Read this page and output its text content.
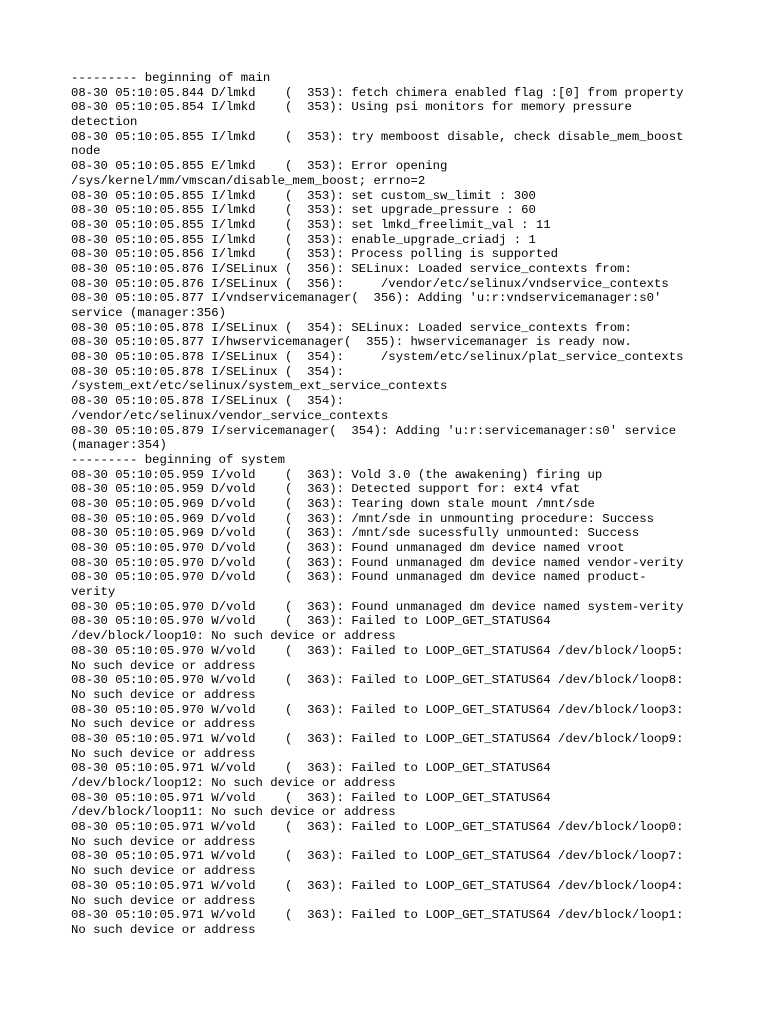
--------- beginning of main
08-30 05:10:05.844 D/lmkd    (  353): fetch chimera enabled flag :[0] from property
08-30 05:10:05.854 I/lmkd    (  353): Using psi monitors for memory pressure
detection
08-30 05:10:05.855 I/lmkd    (  353): try memboost disable, check disable_mem_boost
node
08-30 05:10:05.855 E/lmkd    (  353): Error opening
/sys/kernel/mm/vmscan/disable_mem_boost; errno=2
08-30 05:10:05.855 I/lmkd    (  353): set custom_sw_limit : 300
08-30 05:10:05.855 I/lmkd    (  353): set upgrade_pressure : 60
08-30 05:10:05.855 I/lmkd    (  353): set lmkd_freelimit_val : 11
08-30 05:10:05.855 I/lmkd    (  353): enable_upgrade_criadj : 1
08-30 05:10:05.856 I/lmkd    (  353): Process polling is supported
08-30 05:10:05.876 I/SELinux (  356): SELinux: Loaded service_contexts from:
08-30 05:10:05.876 I/SELinux (  356):     /vendor/etc/selinux/vndservice_contexts
08-30 05:10:05.877 I/vndservicemanager(  356): Adding 'u:r:vndservicemanager:s0'
service (manager:356)
08-30 05:10:05.878 I/SELinux (  354): SELinux: Loaded service_contexts from:
08-30 05:10:05.877 I/hwservicemanager(  355): hwservicemanager is ready now.
08-30 05:10:05.878 I/SELinux (  354):     /system/etc/selinux/plat_service_contexts
08-30 05:10:05.878 I/SELinux (  354):
/system_ext/etc/selinux/system_ext_service_contexts
08-30 05:10:05.878 I/SELinux (  354):
/vendor/etc/selinux/vendor_service_contexts
08-30 05:10:05.879 I/servicemanager(  354): Adding 'u:r:servicemanager:s0' service
(manager:354)
--------- beginning of system
08-30 05:10:05.959 I/vold    (  363): Vold 3.0 (the awakening) firing up
08-30 05:10:05.959 D/vold    (  363): Detected support for: ext4 vfat
08-30 05:10:05.969 D/vold    (  363): Tearing down stale mount /mnt/sde
08-30 05:10:05.969 D/vold    (  363): /mnt/sde in unmounting procedure: Success
08-30 05:10:05.969 D/vold    (  363): /mnt/sde sucessfully unmounted: Success
08-30 05:10:05.970 D/vold    (  363): Found unmanaged dm device named vroot
08-30 05:10:05.970 D/vold    (  363): Found unmanaged dm device named vendor-verity
08-30 05:10:05.970 D/vold    (  363): Found unmanaged dm device named product-
verity
08-30 05:10:05.970 D/vold    (  363): Found unmanaged dm device named system-verity
08-30 05:10:05.970 W/vold    (  363): Failed to LOOP_GET_STATUS64
/dev/block/loop10: No such device or address
08-30 05:10:05.970 W/vold    (  363): Failed to LOOP_GET_STATUS64 /dev/block/loop5:
No such device or address
08-30 05:10:05.970 W/vold    (  363): Failed to LOOP_GET_STATUS64 /dev/block/loop8:
No such device or address
08-30 05:10:05.970 W/vold    (  363): Failed to LOOP_GET_STATUS64 /dev/block/loop3:
No such device or address
08-30 05:10:05.971 W/vold    (  363): Failed to LOOP_GET_STATUS64 /dev/block/loop9:
No such device or address
08-30 05:10:05.971 W/vold    (  363): Failed to LOOP_GET_STATUS64
/dev/block/loop12: No such device or address
08-30 05:10:05.971 W/vold    (  363): Failed to LOOP_GET_STATUS64
/dev/block/loop11: No such device or address
08-30 05:10:05.971 W/vold    (  363): Failed to LOOP_GET_STATUS64 /dev/block/loop0:
No such device or address
08-30 05:10:05.971 W/vold    (  363): Failed to LOOP_GET_STATUS64 /dev/block/loop7:
No such device or address
08-30 05:10:05.971 W/vold    (  363): Failed to LOOP_GET_STATUS64 /dev/block/loop4:
No such device or address
08-30 05:10:05.971 W/vold    (  363): Failed to LOOP_GET_STATUS64 /dev/block/loop1:
No such device or address
